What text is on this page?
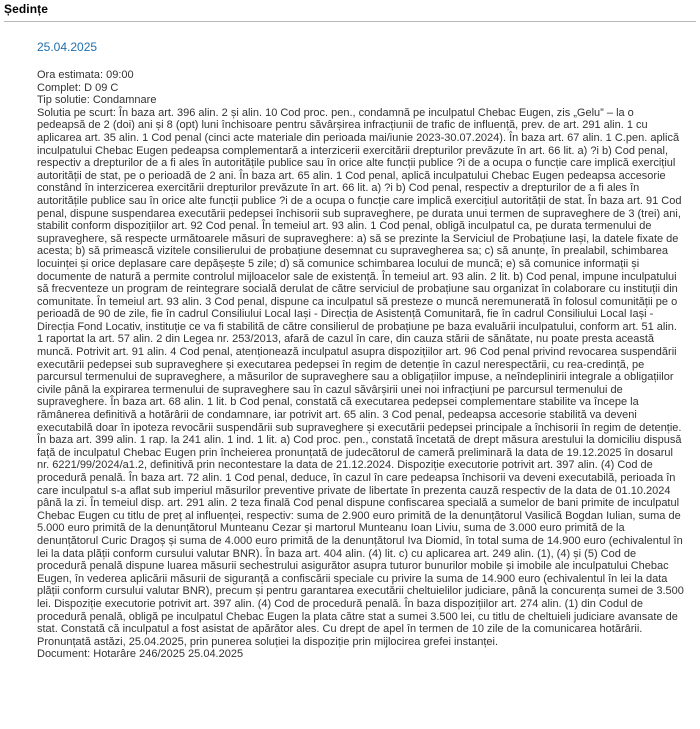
Ședințe
25.04.2025
Ora estimata: 09:00
Complet: D 09 C
Tip solutie: Condamnare

Solutia pe scurt: În baza art. 396 alin. 2 și alin. 10 Cod proc. pen., condamnă pe inculpatul Chebac Eugen, zis „Gelu” – la o pedeapsă de 2 (doi) ani și 8 (opt) luni închisoare pentru săvârșirea infracțiunii de trafic de influență, prev. de art. 291 alin. 1 cu aplicarea art. 35 alin. 1 Cod penal (cinci acte materiale din perioada mai/iunie 2023-30.07.2024). În baza art. 67 alin. 1 C.pen. aplică inculpatului Chebac Eugen pedeapsa complementară a interzicerii exercitării drepturilor prevăzute în art. 66 lit. a) ?i b) Cod penal, respectiv a drepturilor de a fi ales în autoritățile publice sau în orice alte funcții publice ?i de a ocupa o funcție care implică exercițiul autorității de stat, pe o perioadă de 2 ani. În baza art. 65 alin. 1 Cod penal, aplică inculpatului Chebac Eugen pedeapsa accesorie constând în interzicerea exercitării drepturilor prevăzute în art. 66 lit. a) ?i b) Cod penal, respectiv a drepturilor de a fi ales în autoritățile publice sau în orice alte funcții publice ?i de a ocupa o funcție care implică exercițiul autorității de stat. În baza art. 91 Cod penal, dispune suspendarea executării pedepsei închisorii sub supraveghere, pe durata unui termen de supraveghere de 3 (trei) ani, stabilit conform dispozițiilor art. 92 Cod penal. În temeiul art. 93 alin. 1 Cod penal, obligă inculpatul ca, pe durata termenului de supraveghere, să respecte următoarele măsuri de supraveghere: a) să se prezinte la Serviciul de Probațiune Iași, la datele fixate de acesta; b) să primească vizitele consilierului de probațiune desemnat cu supravegherea sa; c) să anunțe, în prealabil, schimbarea locuinței și orice deplasare care depășește 5 zile; d) să comunice schimbarea locului de muncă; e) să comunice informații și documente de natură a permite controlul mijloacelor sale de existență. În temeiul art. 93 alin. 2 lit. b) Cod penal, impune inculpatului să frecventeze un program de reintegrare socială derulat de către serviciul de probațiune sau organizat în colaborare cu instituții din comunitate. În temeiul art. 93 alin. 3 Cod penal, dispune ca inculpatul să presteze o muncă neremunerată în folosul comunității pe o perioadă de 90 de zile, fie în cadrul Consiliului Local Iași - Direcția de Asistență Comunitară, fie în cadrul Consiliului Local Iași - Direcția Fond Locativ, instituție ce va fi stabilită de către consilierul de probațiune pe baza evaluării inculpatului, conform art. 51 alin. 1 raportat la art. 57 alin. 2 din Legea nr. 253/2013, afară de cazul în care, din cauza stării de sănătate, nu poate presta această muncă. Potrivit art. 91 alin. 4 Cod penal, atenționează inculpatul asupra dispozițiilor art. 96 Cod penal privind revocarea suspendării executării pedepsei sub supraveghere și executarea pedepsei în regim de detenție în cazul nerespectării, cu rea-credință, pe parcursul termenului de supraveghere, a măsurilor de supraveghere sau a obligațiilor impuse, a neîndeplinirii integrale a obligațiilor civile până la expirarea termenului de supraveghere sau în cazul săvârșirii unei noi infracțiuni pe parcursul termenului de supraveghere. În baza art. 68 alin. 1 lit. b Cod penal, constată că executarea pedepsei complementare stabilite va începe la rămânerea definitivă a hotărârii de condamnare, iar potrivit art. 65 alin. 3 Cod penal, pedeapsa accesorie stabilită va deveni executabilă doar în ipoteza revocării suspendării sub supraveghere și executării pedepsei principale a închisorii în regim de detenție. În baza art. 399 alin. 1 rap. la 241 alin. 1 ind. 1 lit. a) Cod proc. pen., constată încetată de drept măsura arestului la domiciliu dispusă față de inculpatul Chebac Eugen prin încheierea pronunțată de judecătorul de cameră preliminară la data de 19.12.2025 în dosarul nr. 6221/99/2024/a1.2, definitivă prin necontestare la data de 21.12.2024. Dispoziție executorie potrivit art. 397 alin. (4) Cod de procedură penală. În baza art. 72 alin. 1 Cod penal, deduce, în cazul în care pedeapsa închisorii va deveni executabilă, perioada în care inculpatul s-a aflat sub imperiul măsurilor preventive private de libertate în prezenta cauză respectiv de la data de 01.10.2024 până la zi. În temeiul disp. art. 291 alin. 2 teza finală Cod penal dispune confiscarea specială a sumelor de bani primite de inculpatul Chebac Eugen cu titlu de preț al influenței, respectiv: suma de 2.900 euro primită de la denunțătorul Vasilică Bogdan Iulian, suma de 5.000 euro primită de la denunțătorul Munteanu Cezar și martorul Munteanu Ioan Liviu, suma de 3.000 euro primită de la denunțătorul Curic Dragoș și suma de 4.000 euro primită de la denunțătorul Iva Diomid, în total suma de 14.900 euro (echivalentul în lei la data plății conform cursului valutar BNR). În baza art. 404 alin. (4) lit. c) cu aplicarea art. 249 alin. (1), (4) și (5) Cod de procedură penală dispune luarea măsurii sechestrului asigurător asupra tuturor bunurilor mobile și imobile ale inculpatului Chebac Eugen, în vederea aplicării măsurii de siguranță a confiscării speciale cu privire la suma de 14.900 euro (echivalentul în lei la data plății conform cursului valutar BNR), precum și pentru garantarea executării cheltuielilor judiciare, până la concurența sumei de 3.500 lei. Dispoziție executorie potrivit art. 397 alin. (4) Cod de procedură penală. În baza dispozițiilor art. 274 alin. (1) din Codul de procedură penală, obligă pe inculpatul Chebac Eugen la plata către stat a sumei 3.500 lei, cu titlu de cheltuieli judiciare avansate de stat. Constată că inculpatul a fost asistat de apărător ales. Cu drept de apel în termen de 10 zile de la comunicarea hotărârii. Pronunțată astăzi, 25.04.2025, prin punerea soluției la dispoziție prin mijlocirea grefei instanței.

Document: Hotarâre 246/2025 25.04.2025
